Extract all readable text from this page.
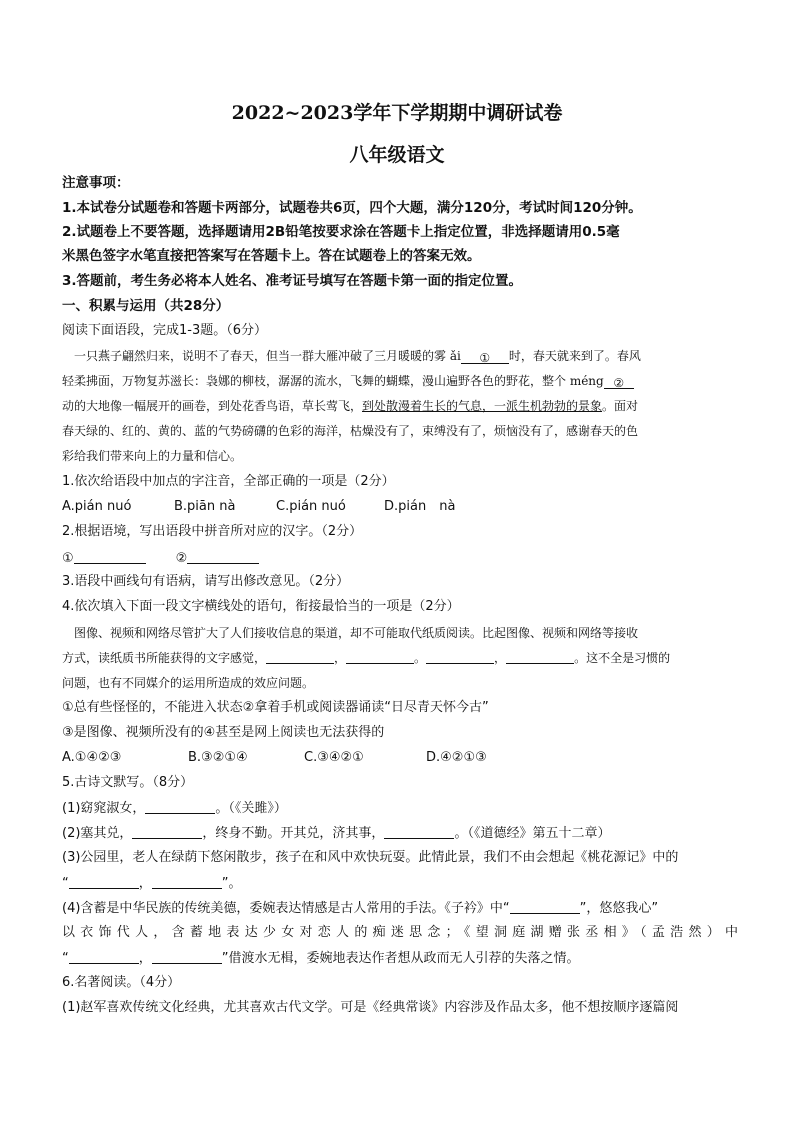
2022~2023学年下学期期中调研试卷
八年级语文
注意事项：
1.本试卷分试题卷和答题卡两部分，试题卷共6页，四个大题，满分120分，考试时间120分钟。
2.试题卷上不要答题，选择题请用2B铅笔按要求涂在答题卡上指定位置，非选择题请用0.5毫
米黑色签字水笔直接把答案写在答题卡上。答在试题卷上的答案无效。
3.答题前，考生务必将本人姓名、准考证号填写在答题卡第一面的指定位置。
一、积累与运用（共28分）
阅读下面语段，完成1-3题。（6分）
一只燕子翩然归来，说明不了春天，但当一群大雁冲破了三月暖暖的雾 ǎi ① 时，春天就来到了。春风
轻柔拂面，万物复苏滋长：袅娜的柳枝，潺潺的流水，飞舞的蝴蝶，漫山遍野各色的野花，整个 méng ②
动的大地像一幅展开的画卷，到处花香鸟语，草长莺飞，到处散漫着生长的气息，一派生机勃勃的景象。面对
春天绿的、红的、黄的、蓝的气势磅礴的色彩的海洋，枯燥没有了，束缚没有了，烦恼没有了，感谢春天的色
彩给我们带来向上的力量和信心。
1.依次给语段中加点的字注音，全部正确的一项是（2分）
A.pián nuó	B.piān nà	C.pián nuó	D.pián　nà
2.根据语境，写出语段中拼音所对应的汉字。（2分）
①	②
3.语段中画线句有语病，请写出修改意见。（2分）
4.依次填入下面一段文字横线处的语句，衔接最恰当的一项是（2分）
图像、视频和网络尽管扩大了人们接收信息的渠道，却不可能取代纸质阅读。比起图像、视频和网络等接收
方式，读纸质书所能获得的文字感觉，	，	。	，	。这不全是习惯的
问题，也有不同媒介的运用所造成的效应问题。
①总有些怪怪的，不能进入状态②拿着手机或阅读器诵读“日尽青天怀今古”
③是图像、视频所没有的④甚至是网上阅读也无法获得的
A.①④②③	B.③②①④	C.③④②①	D.④②①③
5.古诗文默写。（8分）
(1)窈窕淑女，	。（《关雎》）
(2)塞其兑，	，终身不勤。开其兑，济其事，	。（《道德经》第五十二章）
(3)公园里，老人在绿荫下悠闲散步，孩子在和风中欢快玩耍。此情此景，我们不由会想起《桃花源记》中的
“	，	”。
(4)含蓄是中华民族的传统美德，委婉表达情感是古人常用的手法。《子衿》中“	”，悠悠我心”
以衣饰代人，含蓄地表达少女对恋人的痴迷思念；《望洞庭湖赠张丞相》（孟浩然）中
“	，	”借渡水无楫，委婉地表达作者想从政而无人引荐的失落之情。
6.名著阅读。（4分）
(1)赵军喜欢传统文化经典，尤其喜欢古代文学。可是《经典常谈》内容涉及作品太多，他不想按顺序逐篇阅
